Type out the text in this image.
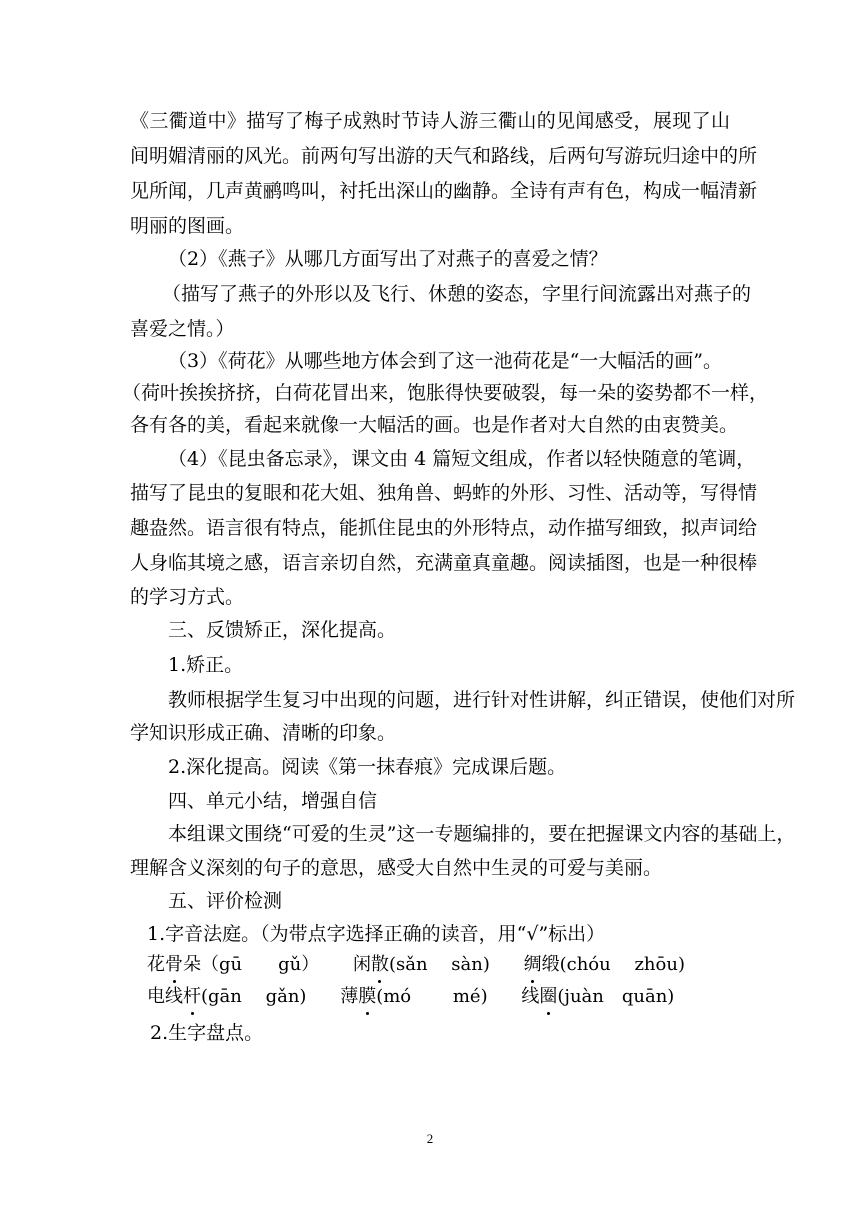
《三衢道中》描写了梅子成熟时节诗人游三衢山的见闻感受，展现了山
间明媚清丽的风光。前两句写出游的天气和路线，后两句写游玩归途中的所
见所闻，几声黄鹂鸣叫，衬托出深山的幽静。全诗有声有色，构成一幅清新
明丽的图画。
（2）《燕子》从哪几方面写出了对燕子的喜爱之情？
（描写了燕子的外形以及飞行、休憩的姿态，字里行间流露出对燕子的
喜爱之情。）
（3）《荷花》从哪些地方体会到了这一池荷花是“一大幅活的画”。
（荷叶挨挨挤挤，白荷花冒出来，饱胀得快要破裂，每一朵的姿势都不一样，
各有各的美，看起来就像一大幅活的画。也是作者对大自然的由衷赞美。
（4）《昆虫备忘录》，课文由 4 篇短文组成，作者以轻快随意的笔调，
描写了昆虫的复眼和花大姐、独角兽、蚂蚱的外形、习性、活动等，写得情
趣盎然。语言很有特点，能抓住昆虫的外形特点，动作描写细致，拟声词给
人身临其境之感，语言亲切自然，充满童真童趣。阅读插图，也是一种很棒
的学习方式。
三、反馈矫正，深化提高。
1.矫正。
教师根据学生复习中出现的问题，进行针对性讲解，纠正错误，使他们对所
学知识形成正确、清晰的印象。
2.深化提高。阅读《第一抹春痕》完成课后题。
四、单元小结，增强自信
本组课文围绕“可爱的生灵”这一专题编排的，要在把握课文内容的基础上，
理解含义深刻的句子的意思，感受大自然中生灵的可爱与美丽。
五、评价检测
1.字音法庭。（为带点字选择正确的读音，用“√”标出）
花骨朵（gū　　gǔ） 闲散(sǎn　 sàn) 绸缎(chóu　 zhōu)
电线杆(gān　 gǎn) 薄膜(mó　　 mé) 线圈(juàn　quān)
2.生字盘点。
2
